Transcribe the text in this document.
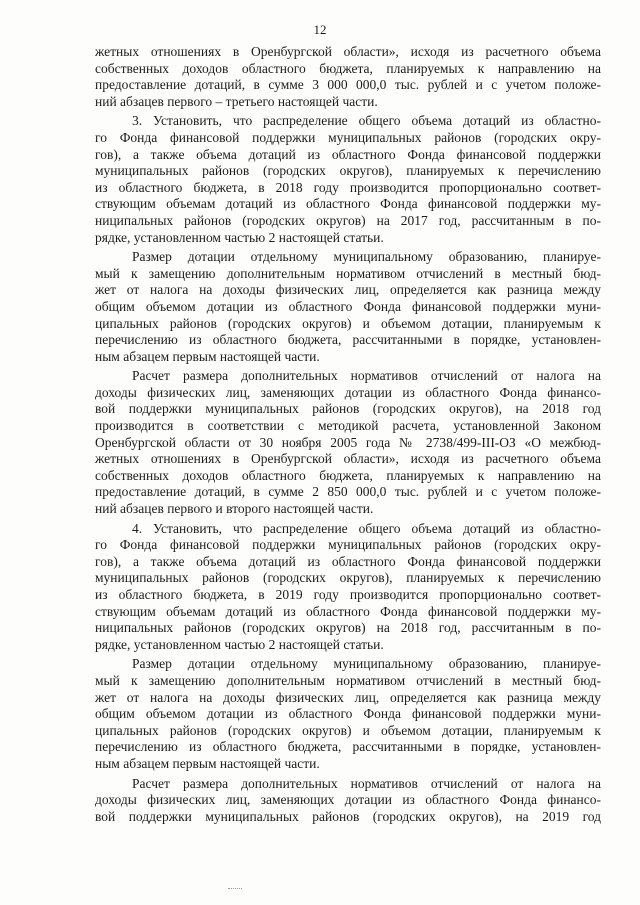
12

жетных отношениях в Оренбургской области», исходя из расчетного объема
собственных доходов областного бюджета, планируемых к направлению на
предоставление дотаций, в сумме 3 000 000,0 тыс. рублей и с учетом положе-
ний абзацев первого – третьего настоящей части.

3. Установить, что распределение общего объема дотаций из областно-
го Фонда финансовой поддержки муниципальных районов (городских окру-
гов), а также объема дотаций из областного Фонда финансовой поддержки
муниципальных районов (городских округов), планируемых к перечислению
из областного бюджета, в 2018 году производится пропорционально соответ-
ствующим объемам дотаций из областного Фонда финансовой поддержки му-
ниципальных районов (городских округов) на 2017 год, рассчитанным в по-
рядке, установленном частью 2 настоящей статьи.

Размер дотации отдельному муниципальному образованию, планируе-
мый к замещению дополнительным нормативом отчислений в местный бюд-
жет от налога на доходы физических лиц, определяется как разница между
общим объемом дотации из областного Фонда финансовой поддержки муни-
ципальных районов (городских округов) и объемом дотации, планируемым к
перечислению из областного бюджета, рассчитанными в порядке, установлен-
ным абзацем первым настоящей части.

Расчет размера дополнительных нормативов отчислений от налога на
доходы физических лиц, заменяющих дотации из областного Фонда финансо-
вой поддержки муниципальных районов (городских округов), на 2018 год
производится в соответствии с методикой расчета, установленной Законом
Оренбургской области от 30 ноября 2005 года № 2738/499-III-ОЗ «О межбюд-
жетных отношениях в Оренбургской области», исходя из расчетного объема
собственных доходов областного бюджета, планируемых к направлению на
предоставление дотаций, в сумме 2 850 000,0 тыс. рублей и с учетом положе-
ний абзацев первого и второго настоящей части.

4. Установить, что распределение общего объема дотаций из областно-
го Фонда финансовой поддержки муниципальных районов (городских окру-
гов), а также объема дотаций из областного Фонда финансовой поддержки
муниципальных районов (городских округов), планируемых к перечислению
из областного бюджета, в 2019 году производится пропорционально соответ-
ствующим объемам дотаций из областного Фонда финансовой поддержки му-
ниципальных районов (городских округов) на 2018 год, рассчитанным в по-
рядке, установленном частью 2 настоящей статьи.

Размер дотации отдельному муниципальному образованию, планируе-
мый к замещению дополнительным нормативом отчислений в местный бюд-
жет от налога на доходы физических лиц, определяется как разница между
общим объемом дотации из областного Фонда финансовой поддержки муни-
ципальных районов (городских округов) и объемом дотации, планируемым к
перечислению из областного бюджета, рассчитанными в порядке, установлен-
ным абзацем первым настоящей части.

Расчет размера дополнительных нормативов отчислений от налога на
доходы физических лиц, заменяющих дотации из областного Фонда финансо-
вой поддержки муниципальных районов (городских округов), на 2019 год
